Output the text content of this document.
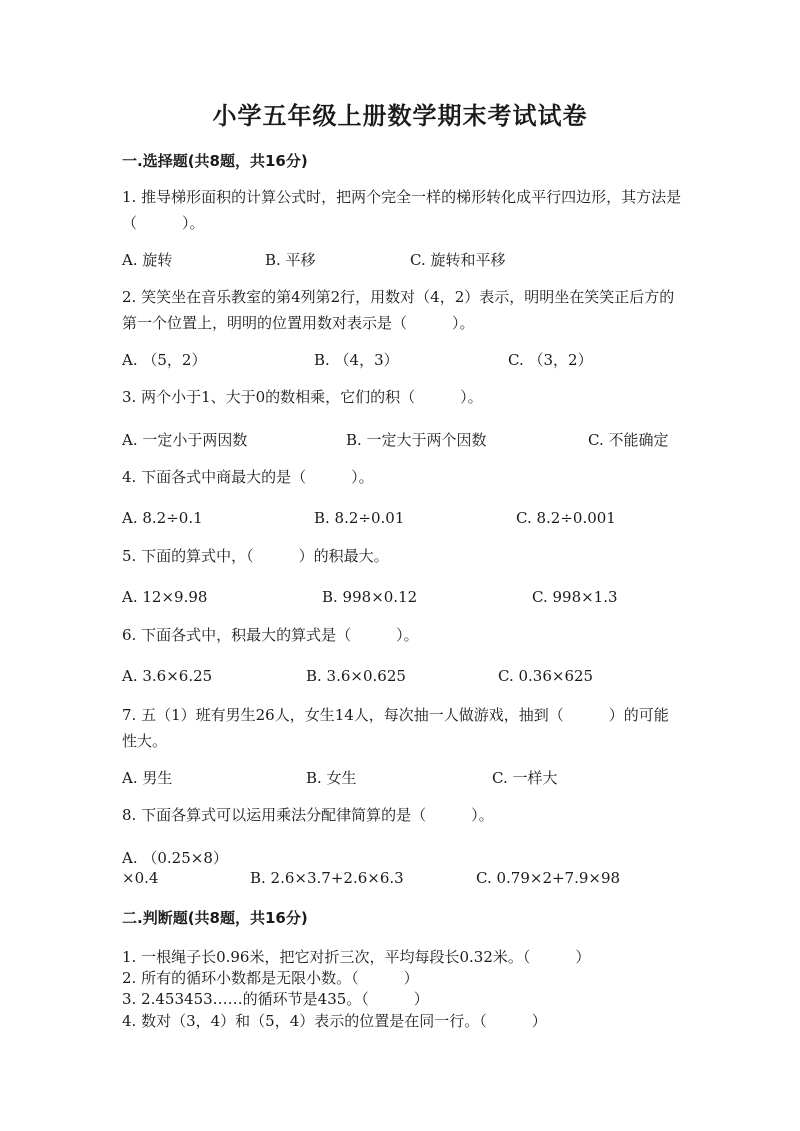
小学五年级上册数学期末考试试卷
一.选择题(共8题，共16分)
1. 推导梯形面积的计算公式时，把两个完全一样的梯形转化成平行四边形，其方法是（　　　）。
A. 旋转	B. 平移	C. 旋转和平移
2. 笑笑坐在音乐教室的第4列第2行，用数对（4，2）表示，明明坐在笑笑正后方的第一个位置上，明明的位置用数对表示是（　　　）。
A. （5，2）	B. （4，3）	C. （3，2）
3. 两个小于1、大于0的数相乘，它们的积（　　　）。
A. 一定小于两因数	B. 一定大于两个因数	C. 不能确定
4. 下面各式中商最大的是（　　　）。
A. 8.2÷0.1	B. 8.2÷0.01	C. 8.2÷0.001
5. 下面的算式中，（　　　）的积最大。
A. 12×9.98	B. 998×0.12	C. 998×1.3
6. 下面各式中，积最大的算式是（　　　）。
A. 3.6×6.25	B. 3.6×0.625	C. 0.36×625
7. 五（1）班有男生26人，女生14人，每次抽一人做游戏，抽到（　　　）的可能性大。
A. 男生	B. 女生	C. 一样大
8. 下面各算式可以运用乘法分配律简算的是（　　　）。
A. （0.25×8）
×0.4	B. 2.6×3.7+2.6×6.3	C. 0.79×2+7.9×98
二.判断题(共8题，共16分)
1. 一根绳子长0.96米，把它对折三次，平均每段长0.32米。（　　　）
2. 所有的循环小数都是无限小数。（　　　）
3. 2.453453……的循环节是435。（　　　）
4. 数对（3，4）和（5，4）表示的位置是在同一行。（　　　）
